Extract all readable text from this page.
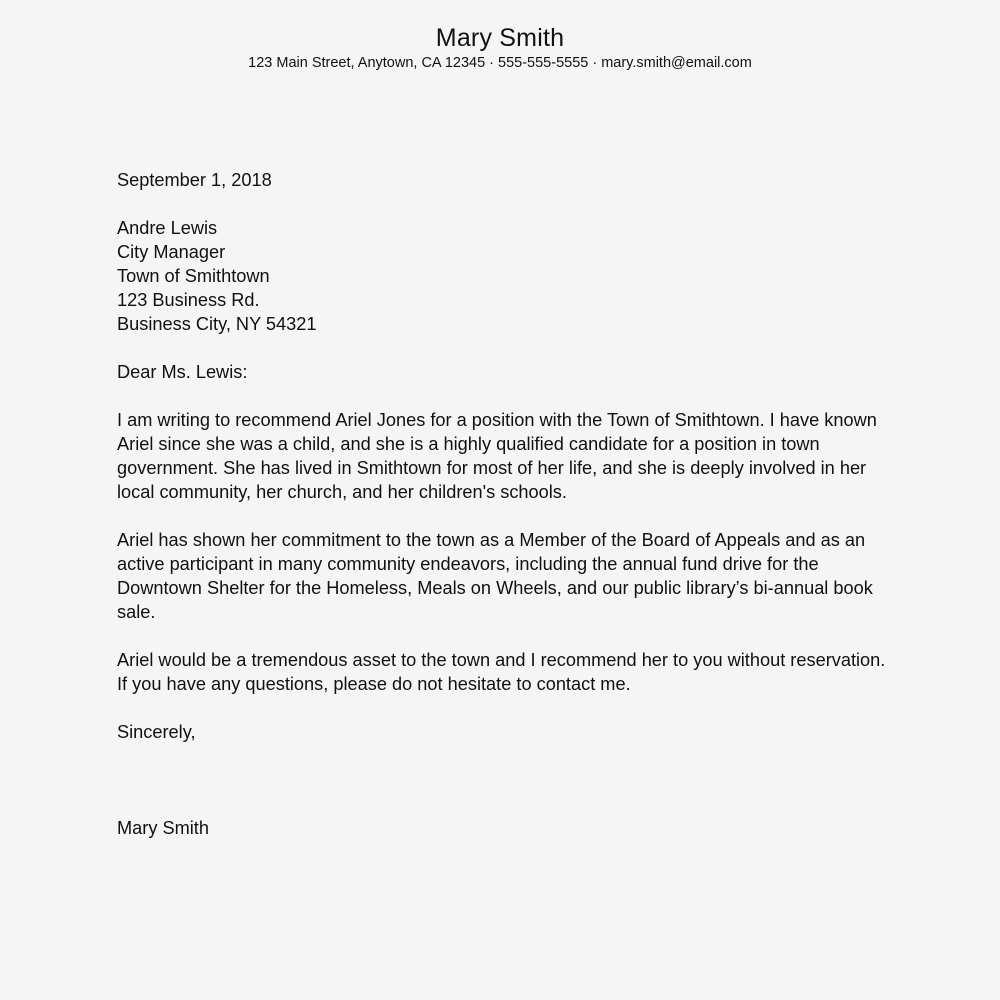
Mary Smith
123 Main Street, Anytown, CA 12345 · 555-555-5555 · mary.smith@email.com
September 1, 2018
Andre Lewis
City Manager
Town of Smithtown
123 Business Rd.
Business City, NY 54321
Dear Ms. Lewis:
I am writing to recommend Ariel Jones for a position with the Town of Smithtown. I have known Ariel since she was a child, and she is a highly qualified candidate for a position in town government. She has lived in Smithtown for most of her life, and she is deeply involved in her local community, her church, and her children's schools.
Ariel has shown her commitment to the town as a Member of the Board of Appeals and as an active participant in many community endeavors, including the annual fund drive for the Downtown Shelter for the Homeless, Meals on Wheels, and our public library’s bi-annual book sale.
Ariel would be a tremendous asset to the town and I recommend her to you without reservation. If you have any questions, please do not hesitate to contact me.
Sincerely,
Mary Smith
